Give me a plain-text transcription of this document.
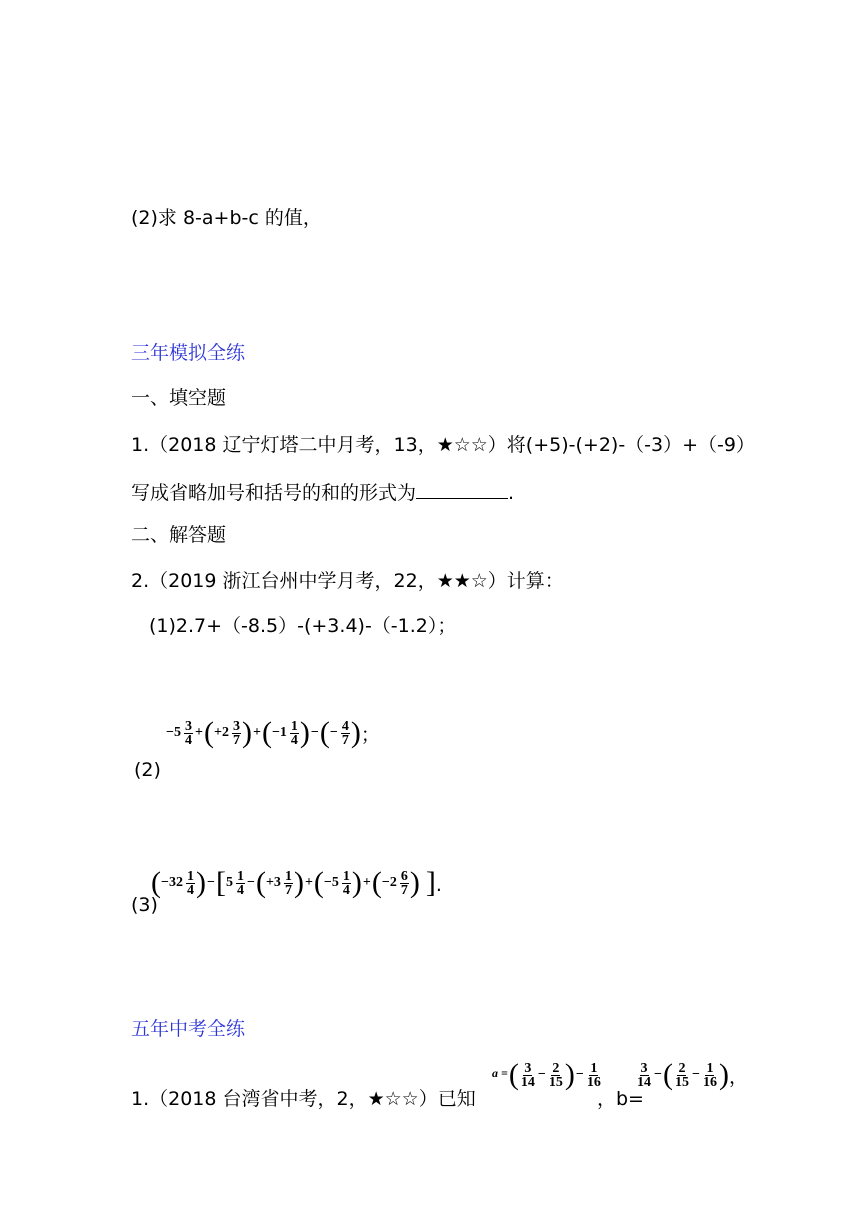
(2)求 8-a+b-c 的值，
三年模拟全练
一、填空题
1.（2018 辽宁灯塔二中月考，13，★☆☆）将(+5)-(+2)-（-3）+（-9）
写成省略加号和括号的和的形式为	.
二、解答题
2.（2019 浙江台州中学月考，22，★★☆）计算：
(1)2.7+（-8.5）-(+3.4)-（-1.2）；
(2)
$-5 \frac{3}{4} +(+2 \frac{3}{7} )+(-1 \frac{1}{4}$ )−(− $\frac{4}{7}$ )；
(3)
$(-32 \frac{1}{4} )-[5 \frac{1}{4} -(+3 \frac{1}{7} )+(-5 \frac{1}{4} )+(-2 \frac{6}{7}$ ) ].
五年中考全练
1.（2018 台湾省中考，2，★☆☆）已知
a =( $\frac{3}{14} - \frac{2}{15}$ )− $\frac{1}{16}$
，b=
$\frac{3}{14}$ −( $\frac{2}{15} - \frac{1}{16}$ )，
